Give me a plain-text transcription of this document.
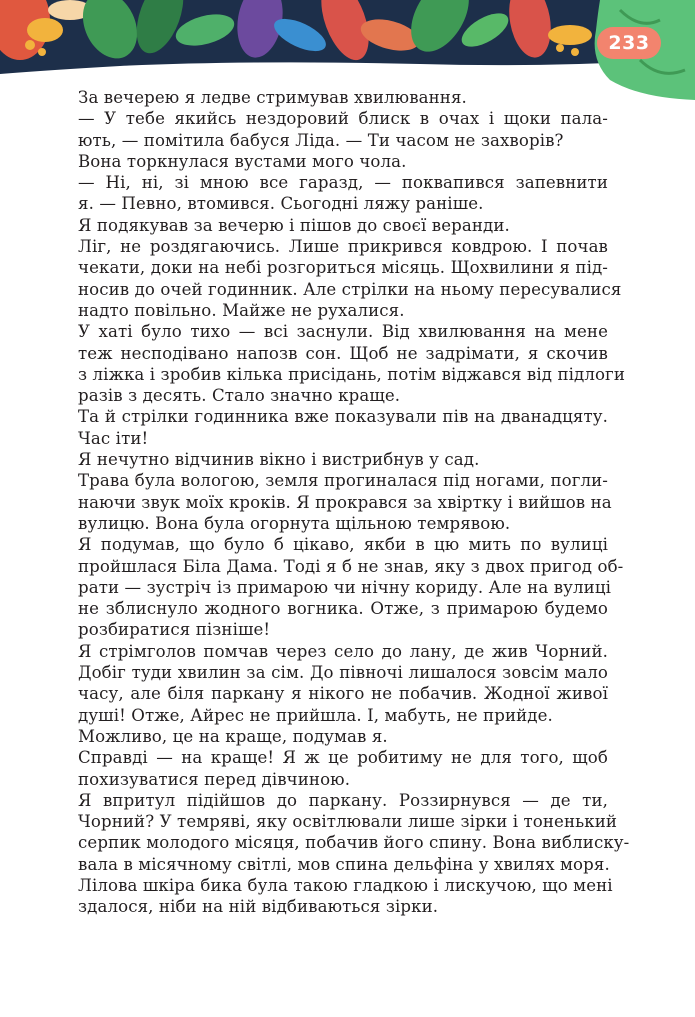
233

За вечерею я ледве стримував хвилювання.

— У тебе якийсь нездоровий блиск в очах і щоки пала-
ють, — помітила бабуся Ліда. — Ти часом не захворів?

Вона торкнулася вустами мого чола.

— Ні, ні, зі мною все гаразд, — поквапився запевнити
я. — Певно, втомився. Сьогодні ляжу раніше.

Я подякував за вечерю і пішов до своєї веранди.

Ліг, не роздягаючись. Лише прикрився ковдрою. І почав
чекати, доки на небі розгориться місяць. Щохвилини я під-
носив до очей годинник. Але стрілки на ньому пересувалися
надто повільно. Майже не рухалися.

У хаті було тихо — всі заснули. Від хвилювання на мене
теж несподівано напозв сон. Щоб не задрімати, я скочив
з ліжка і зробив кілька присідань, потім віджався від підлоги
разів з десять. Стало значно краще.

Та й стрілки годинника вже показували пів на дванадцяту.
Час іти!

Я нечутно відчинив вікно і вистрибнув у сад.

Трава була вологою, земля прогиналася під ногами, погли-
наючи звук моїх кроків. Я прокрався за хвіртку і вийшов на
вулицю. Вона була огорнута щільною темрявою.

Я подумав, що було б цікаво, якби в цю мить по вулиці
пройшлася Біла Дама. Тоді я б не знав, яку з двох пригод об-
рати — зустріч із примарою чи нічну кориду. Але на вулиці
не зблиснуло жодного вогника. Отже, з примарою будемо
розбиратися пізніше!

Я стрімголов помчав через село до лану, де жив Чорний.
Добіг туди хвилин за сім. До півночі лишалося зовсім мало
часу, але біля паркану я нікого не побачив. Жодної живої
душі! Отже, Айрес не прийшла. І, мабуть, не прийде.

Можливо, це на краще, подумав я.

Справді — на краще! Я ж це робитиму не для того, щоб
похизуватися перед дівчиною.

Я впритул підійшов до паркану. Роззирнувся — де ти,
Чорний? У темряві, яку освітлювали лише зірки і тоненький
серпик молодого місяця, побачив його спину. Вона виблиску-
вала в місячному світлі, мов спина дельфіна у хвилях моря.
Лілова шкіра бика була такою гладкою і лискучою, що мені
здалося, ніби на ній відбиваються зірки.
